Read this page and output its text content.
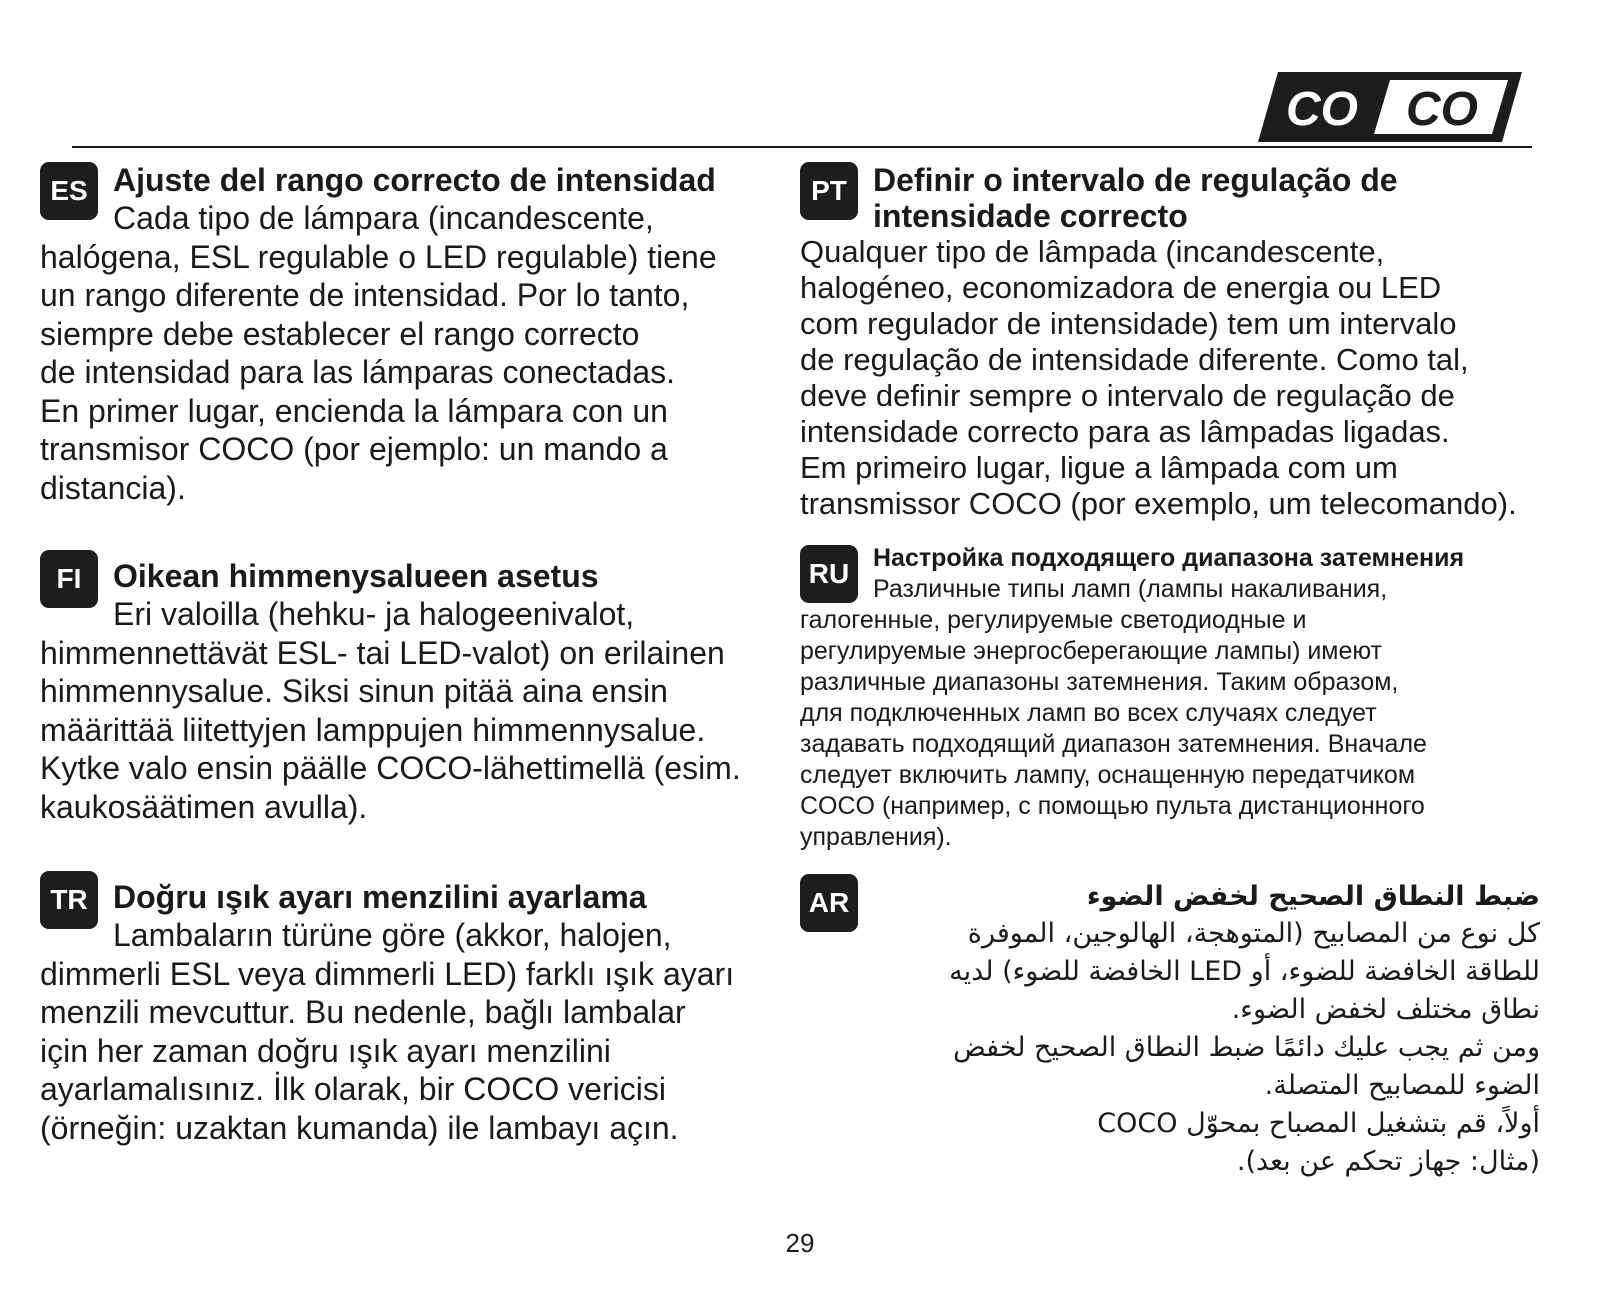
CO CO
ES Ajuste del rango correcto de intensidad

Cada tipo de lámpara (incandescente,
halógena, ESL regulable o LED regulable) tiene
un rango diferente de intensidad. Por lo tanto,
siempre debe establecer el rango correcto
de intensidad para las lámparas conectadas.
En primer lugar, encienda la lámpara con un
transmisor COCO (por ejemplo: un mando a
distancia).

FI Oikean himmenysalueen asetus

Eri valoilla (hehku- ja halogeenivalot,
himmennettävät ESL- tai LED-valot) on erilainen
himmennysalue. Siksi sinun pitää aina ensin
määrittää liitettyjen lamppujen himmennysalue.
Kytke valo ensin päälle COCO-lähettimellä (esim.
kaukosäätimen avulla).

TR Doğru ışık ayarı menzilini ayarlama

Lambaların türüne göre (akkor, halojen,
dimmerli ESL veya dimmerli LED) farklı ışık ayarı
menzili mevcuttur. Bu nedenle, bağlı lambalar
için her zaman doğru ışık ayarı menzilini
ayarlamalısınız. İlk olarak, bir COCO vericisi
(örneğin: uzaktan kumanda) ile lambayı açın.

PT Definir o intervalo de regulação de
intensidade correcto

Qualquer tipo de lâmpada (incandescente,
halogéneo, economizadora de energia ou LED
com regulador de intensidade) tem um intervalo
de regulação de intensidade diferente. Como tal,
deve definir sempre o intervalo de regulação de
intensidade correcto para as lâmpadas ligadas.
Em primeiro lugar, ligue a lâmpada com um
transmissor COCO (por exemplo, um telecomando).

RU Настройка подходящего диапазона затемнения

Различные типы ламп (лампы накаливания,
галогенные, регулируемые светодиодные и
регулируемые энергосберегающие лампы) имеют
различные диапазоны затемнения. Таким образом,
для подключенных ламп во всех случаях следует
задавать подходящий диапазон затемнения. Вначале
следует включить лампу, оснащенную передатчиком
COCO (например, с помощью пульта дистанционного
управления).

AR	ضبط النطاق الصحيح لخفض الضوء

كل نوع من المصابيح (المتوهجة، الهالوجين، الموفرة
للطاقة الخافضة للضوء، أو LED الخافضة للضوء) لديه
نطاق مختلف لخفض الضوء.
ومن ثم يجب عليك دائمًا ضبط النطاق الصحيح لخفض
الضوء للمصابيح المتصلة.
أولاً، قم بتشغيل المصباح بمحوّل COCO
(مثال: جهاز تحكم عن بعد).

29
